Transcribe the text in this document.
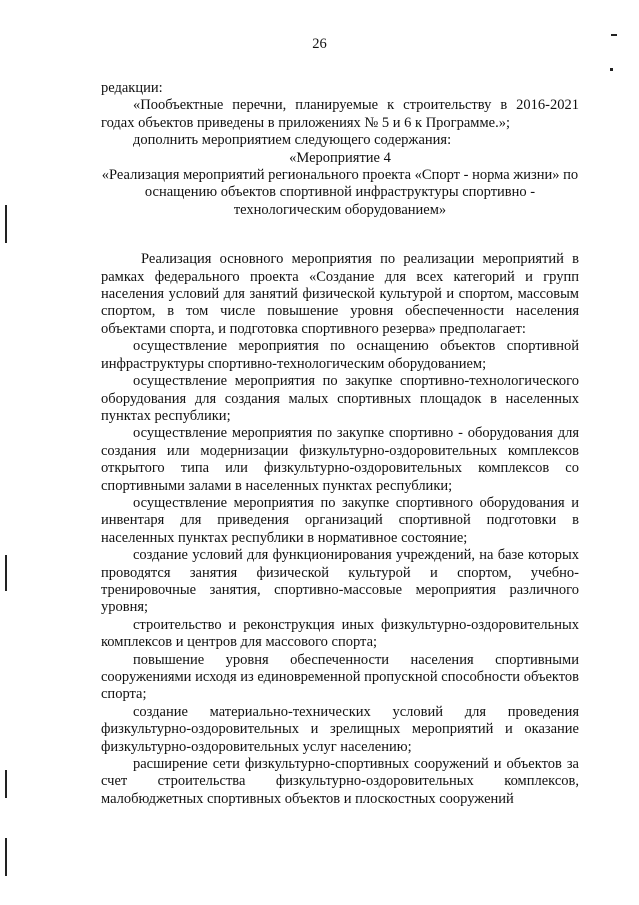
26

редакции:

«Пообъектные перечни, планируемые к строительству в 2016-2021 годах объектов приведены в приложениях № 5 и 6 к Программе.»;

дополнить мероприятием следующего содержания:

«Мероприятие 4

«Реализация мероприятий регионального проекта «Спорт - норма жизни» по оснащению объектов спортивной инфраструктуры спортивно - технологическим оборудованием»

Реализация основного мероприятия по реализации мероприятий в рамках федерального проекта «Создание для всех категорий и групп населения условий для занятий физической культурой и спортом, массовым спортом, в том числе повышение уровня обеспеченности населения объектами спорта, и подготовка спортивного резерва» предполагает:

осуществление мероприятия по оснащению объектов спортивной инфраструктуры спортивно-технологическим оборудованием;

осуществление мероприятия по закупке спортивно-технологического оборудования для создания малых спортивных площадок в населенных пунктах республики;

осуществление мероприятия по закупке спортивно - оборудования для создания или модернизации физкультурно-оздоровительных комплексов открытого типа или физкультурно-оздоровительных комплексов со спортивными залами в населенных пунктах республики;

осуществление мероприятия по закупке спортивного оборудования и инвентаря для приведения организаций спортивной подготовки в населенных пунктах республики в нормативное состояние;

создание условий для функционирования учреждений, на базе которых проводятся занятия физической культурой и спортом, учебно-тренировочные занятия, спортивно-массовые мероприятия различного уровня;

строительство и реконструкция иных физкультурно-оздоровительных комплексов и центров для массового спорта;

повышение уровня обеспеченности населения спортивными сооружениями исходя из единовременной пропускной способности объектов спорта;

создание материально-технических условий для проведения физкультурно-оздоровительных и зрелищных мероприятий и оказание физкультурно-оздоровительных услуг населению;

расширение сети физкультурно-спортивных сооружений и объектов за счет строительства физкультурно-оздоровительных комплексов, малобюджетных спортивных объектов и плоскостных сооружений
